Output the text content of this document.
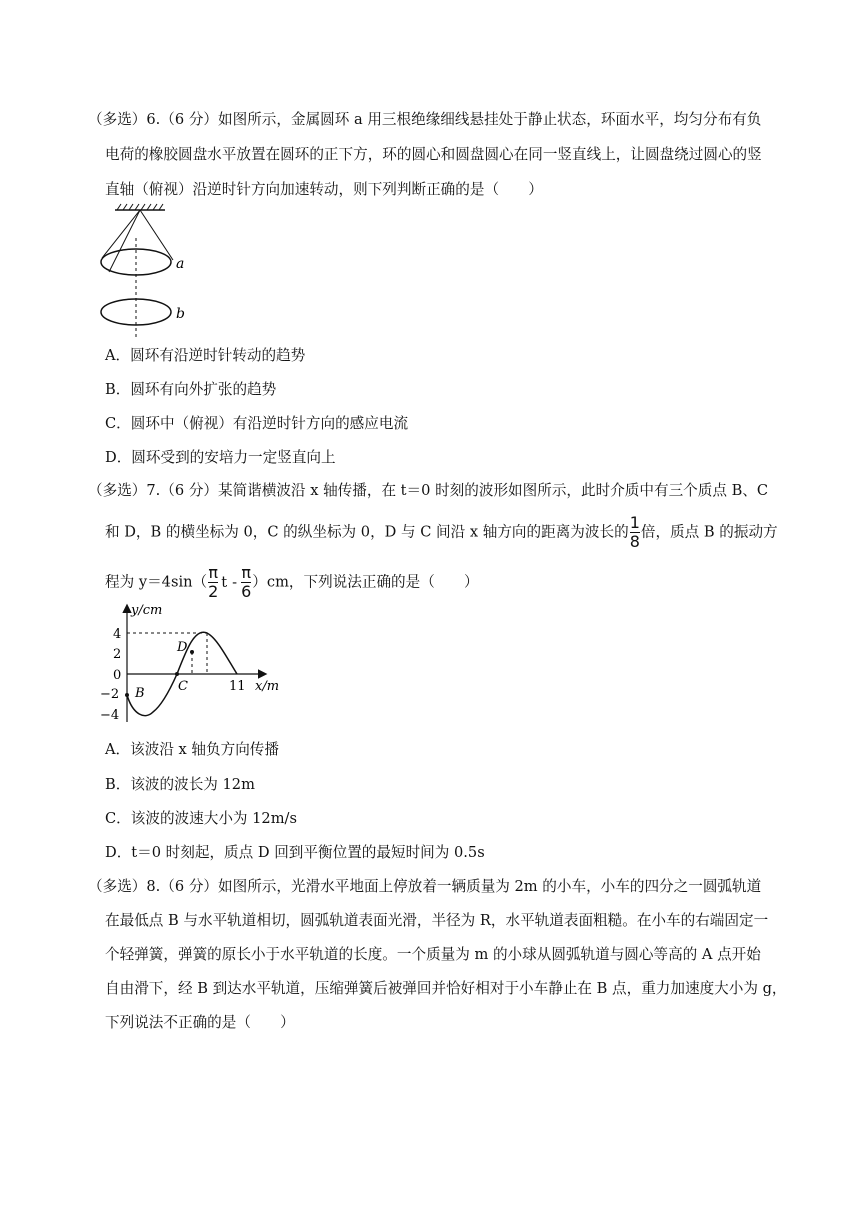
（多选）6.（6 分）如图所示，金属圆环 a 用三根绝缘细线悬挂处于静止状态，环面水平，均匀分布有负
电荷的橡胶圆盘水平放置在圆环的正下方，环的圆心和圆盘圆心在同一竖直线上，让圆盘绕过圆心的竖
直轴（俯视）沿逆时针方向加速转动，则下列判断正确的是（　　）
a
b
A．圆环有沿逆时针转动的趋势
B．圆环有向外扩张的趋势
C．圆环中（俯视）有沿逆时针方向的感应电流
D．圆环受到的安培力一定竖直向上
（多选）7.（6 分）某简谐横波沿 x 轴传播，在 t＝0 时刻的波形如图所示，此时介质中有三个质点 B、C
和 D，B 的横坐标为 0，C 的纵坐标为 0，D 与 C 间沿 x 轴方向的距离为波长的 $\frac{1}{8}$ 倍，质点 B 的振动方
程为 $y=4\sin( \frac{\pi}{2}$ t - $\frac{\pi}{6} )cm$，下列说法正确的是（　　）
y/cm
x/m
4
2
0
−2
−4
11
B	C
D
A．该波沿 x 轴负方向传播
B．该波的波长为 12m
C．该波的波速大小为 12m/s
D．t＝0 时刻起，质点 D 回到平衡位置的最短时间为 0.5s
（多选）8.（6 分）如图所示，光滑水平地面上停放着一辆质量为 2m 的小车，小车的四分之一圆弧轨道
在最低点 B 与水平轨道相切，圆弧轨道表面光滑，半径为 R，水平轨道表面粗糙。在小车的右端固定一
个轻弹簧，弹簧的原长小于水平轨道的长度。一个质量为 m 的小球从圆弧轨道与圆心等高的 A 点开始
自由滑下，经 B 到达水平轨道，压缩弹簧后被弹回并恰好相对于小车静止在 B 点，重力加速度大小为 g，
下列说法不正确的是（　　）
